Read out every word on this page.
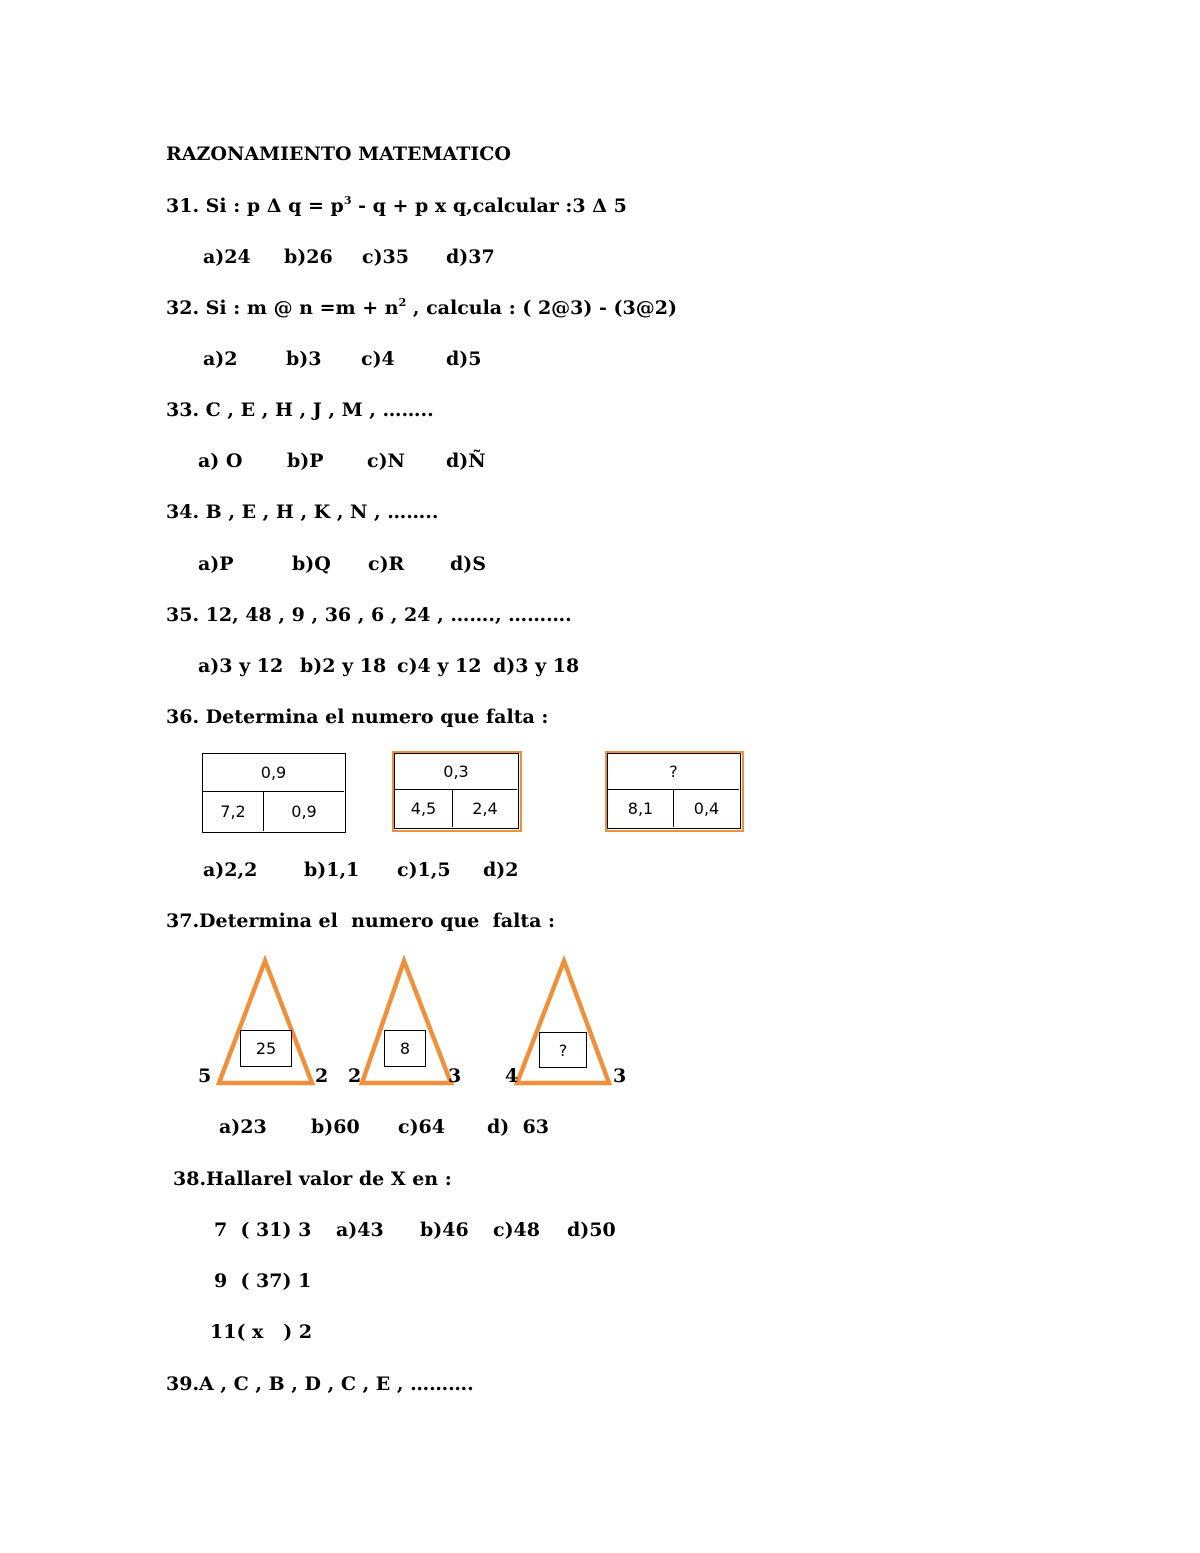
RAZONAMIENTO MATEMATICO
31. Si : p Δ $q = p^3 - q + p$ x q,calcular :3 Δ 5
a)24 b)26 c)35 d)37
32. Si : m @ $n =m + n^2$ , calcula : ( 2@3) - (3@2)
a)2	b)3 c)4	d)5
33. C , E , H , J , M , ……..
a) O b)P c)N d)Ñ
34. B , E , H , K , N , ……..
a)P	b)Q c)R d)S
35. 12, 48 , 9 , 36 , 6 , 24 , ……., ……….
a)3 y 12 b)2 y 18 c)4 y 12 d)3 y 18
36. Determina el numero que falta :
0,9
7,2	0,9
0,3
4,5	2,4
?
8,1	0,4
a)2,2 b)1,1 c)1,5 d)2
37.Determina el  numero que  falta :
25	8	?
5	2 2	3 4	3
a)23 b)60 c)64 d)  63
38.Hallarel valor de X en :
7  ( 31) 3 a)43 b)46 c)48 d)50
9  ( 37) 1
11( x   ) 2
39.A , C , B , D , C , E , ……….
